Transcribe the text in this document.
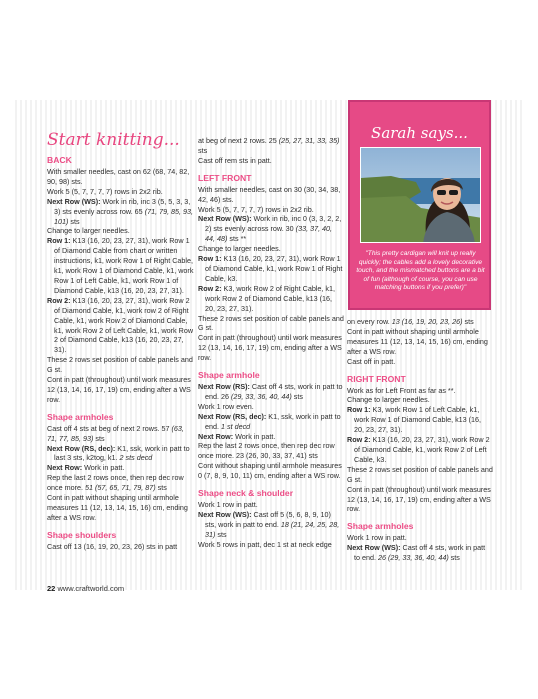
Start knitting...
BACK

With smaller needles, cast on 62 (68, 74, 82, 90, 98) sts.

Work 5 (5, 7, 7, 7, 7) rows in 2x2 rib.

Next Row (WS): Work in rib, inc 3 (5, 5, 3, 3, 3) sts evenly across row. 65 (71, 79, 85, 93, 101) sts

Change to larger needles.

Row 1: K13 (16, 20, 23, 27, 31), work Row 1 of Diamond Cable from chart or written instructions, k1, work Row 1 of Right Cable, k1, work Row 1 of Diamond Cable, k1, work Row 1 of Left Cable, k1, work Row 1 of Diamond Cable, k13 (16, 20, 23, 27, 31).

Row 2: K13 (16, 20, 23, 27, 31), work Row 2 of Diamond Cable, k1, work row 2 of Right Cable, k1, work Row 2 of Diamond Cable, k1, work Row 2 of Left Cable, k1, work Row 2 of Diamond Cable, k13 (16, 20, 23, 27, 31).

These 2 rows set position of cable panels and G st.

Cont in patt (throughout) until work measures 12 (13, 14, 16, 17, 19) cm, ending after a WS row.

Shape armholes

Cast off 4 sts at beg of next 2 rows. 57 (63, 71, 77, 85, 93) sts

Next Row (RS, dec): K1, ssk, work in patt to last 3 sts, k2tog, k1. 2 sts decd

Next Row: Work in patt.

Rep the last 2 rows once, then rep dec row once more. 51 (57, 65, 71, 79, 87) sts

Cont in patt without shaping until armhole measures 11 (12, 13, 14, 15, 16) cm, ending after a WS row.

Shape shoulders

Cast off 13 (16, 19, 20, 23, 26) sts in patt

at beg of next 2 rows. 25 (25, 27, 31, 33, 35) sts

Cast off rem sts in patt.

LEFT FRONT

With smaller needles, cast on 30 (30, 34, 38, 42, 46) sts.

Work 5 (5, 7, 7, 7, 7) rows in 2x2 rib.

Next Row (WS): Work in rib, inc 0 (3, 3, 2, 2, 2) sts evenly across row. 30 (33, 37, 40, 44, 48) sts **

Change to larger needles.

Row 1: K13 (16, 20, 23, 27, 31), work Row 1 of Diamond Cable, k1, work Row 1 of Right Cable, k3.

Row 2: K3, work Row 2 of Right Cable, k1, work Row 2 of Diamond Cable, k13 (16, 20, 23, 27, 31).

These 2 rows set position of cable panels and G st.

Cont in patt (throughout) until work measures 12 (13, 14, 16, 17, 19) cm, ending after a WS row.

Shape armhole

Next Row (RS): Cast off 4 sts, work in patt to end. 26 (29, 33, 36, 40, 44) sts

Work 1 row even.

Next Row (RS, dec): K1, ssk, work in patt to end. 1 st decd

Next Row: Work in patt.

Rep the last 2 rows once, then rep dec row once more. 23 (26, 30, 33, 37, 41) sts

Cont without shaping until armhole measures 0 (7, 8, 9, 10, 11) cm, ending after a WS row.

Shape neck & shoulder

Work 1 row in patt.

Next Row (WS): Cast off 5 (5, 6, 8, 9, 10) sts, work in patt to end. 18 (21, 24, 25, 28, 31) sts

Work 5 rows in patt, dec 1 st at neck edge

Sarah says...
"This pretty cardigan will knit up really quickly; the cables add a lovely decorative touch, and the mismatched buttons are a bit of fun (although of course, you can use matching buttons if you prefer)"

on every row. 13 (16, 19, 20, 23, 26) sts

Cont in patt without shaping until armhole measures 11 (12, 13, 14, 15, 16) cm, ending after a WS row.

Cast off in patt.

RIGHT FRONT

Work as for Left Front as far as **.

Change to larger needles.

Row 1: K3, work Row 1 of Left Cable, k1, work Row 1 of Diamond Cable, k13 (16, 20, 23, 27, 31).

Row 2: K13 (16, 20, 23, 27, 31), work Row 2 of Diamond Cable, k1, work Row 2 of Left Cable, k3.

These 2 rows set position of cable panels and G st.

Cont in patt (throughout) until work measures 12 (13, 14, 16, 17, 19) cm, ending after a WS row.

Shape armholes

Work 1 row in patt.

Next Row (WS): Cast off 4 sts, work in patt to end. 26 (29, 33, 36, 40, 44) sts

22 www.craftworld.com
